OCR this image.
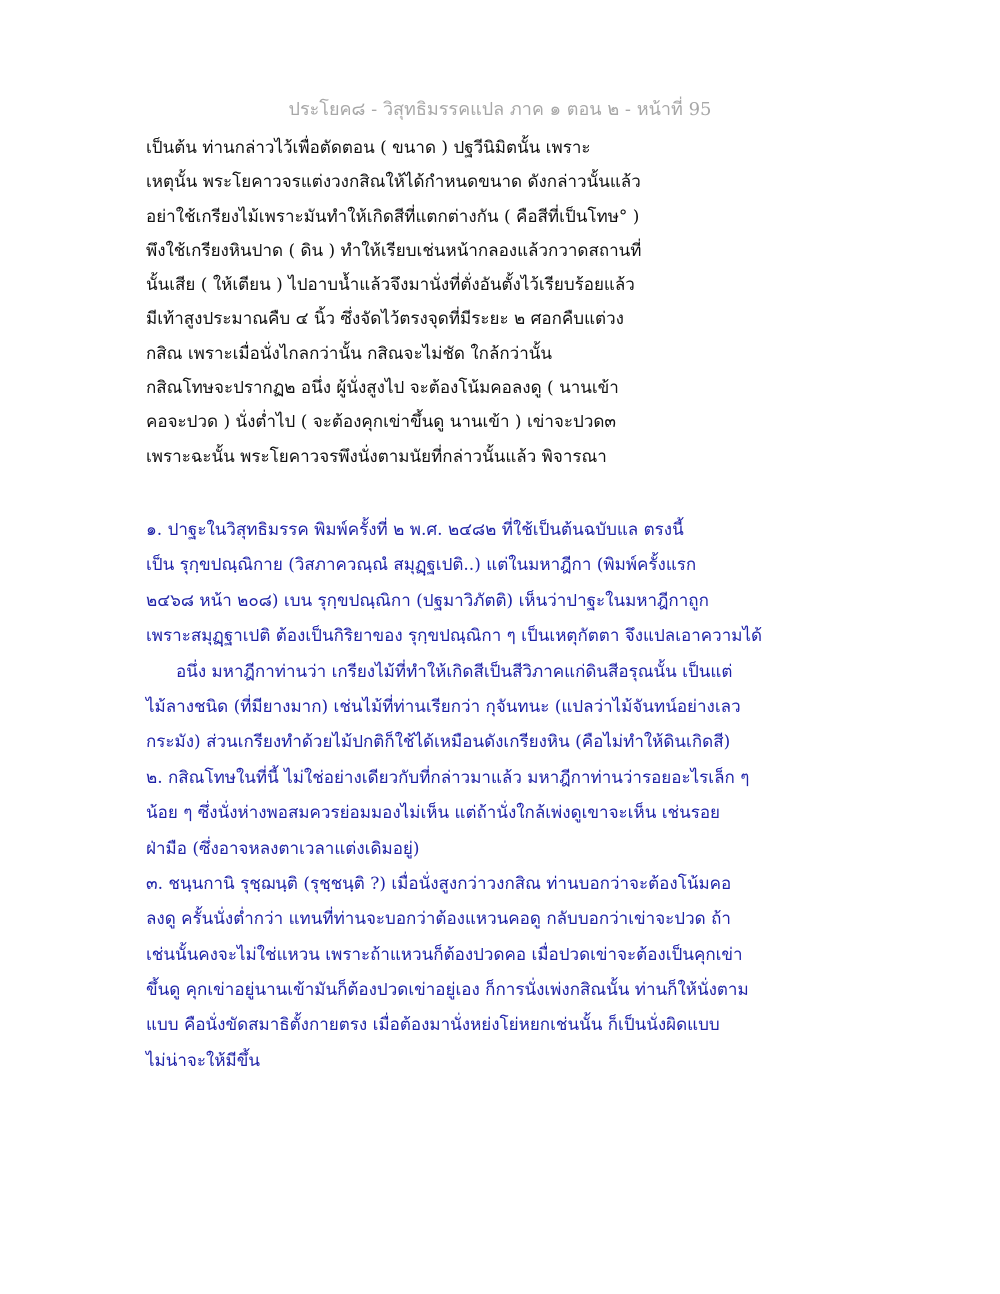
ประโยค๘ - วิสุทธิมรรคแปล ภาค ๑ ตอน ๒ - หน้าที่ 95
เป็นต้น ท่านกล่าวไว้เพื่อตัดตอน ( ขนาด ) ปฐวีนิมิตนั้น เพราะ
เหตุนั้น พระโยคาวจรแต่งวงกสิณให้ได้กำหนดขนาด ดังกล่าวนั้นแล้ว
อย่าใช้เกรียงไม้เพราะมันทำให้เกิดสีที่แตกต่างกัน ( คือสีที่เป็นโทษ° )
พึงใช้เกรียงหินปาด ( ดิน ) ทำให้เรียบเช่นหน้ากลองแล้วกวาดสถานที่
นั้นเสีย ( ให้เตียน ) ไปอาบน้ำแล้วจึงมานั่งที่ตั่งอันตั้งไว้เรียบร้อยแล้ว
มีเท้าสูงประมาณคืบ ๔ นิ้ว ซึ่งจัดไว้ตรงจุดที่มีระยะ ๒ ศอกคืบแต่วง
กสิณ เพราะเมื่อนั่งไกลกว่านั้น กสิณจะไม่ชัด ใกล้กว่านั้น
กสิณโทษจะปรากฏ๒ อนึ่ง ผู้นั่งสูงไป จะต้องโน้มคอลงดู ( นานเข้า
คอจะปวด ) นั่งต่ำไป ( จะต้องคุกเข่าขึ้นดู นานเข้า ) เข่าจะปวด๓
เพราะฉะนั้น พระโยคาวจรพึงนั่งตามนัยที่กล่าวนั้นแล้ว พิจารณา
๑. ปาฐะในวิสุทธิมรรค พิมพ์ครั้งที่ ๒ พ.ศ. ๒๔๘๒ ที่ใช้เป็นต้นฉบับแล ตรงนี้
เป็น รุกฺขปณฺณิกาย (วิสภาควณฺณํ สมุฏฺฐเปติ..) แต่ในมหาฎีกา (พิมพ์ครั้งแรก
๒๔๖๘ หน้า ๒๐๘) เบน รุกฺขปณฺณิกา (ปฐมาวิภัตติ) เห็นว่าปาฐะในมหาฎีกาถูก
เพราะสมุฏฺฐาเปติ ต้องเป็นกิริยาของ รุกฺขปณฺณิกา ๆ เป็นเหตุกัตตา จึงแปลเอาความได้
อนึ่ง มหาฎีกาท่านว่า เกรียงไม้ที่ทำให้เกิดสีเป็นสีวิภาคแก่ดินสีอรุณนั้น เป็นแต่
ไม้ลางชนิด (ที่มียางมาก) เช่นไม้ที่ท่านเรียกว่า กุจันทนะ (แปลว่าไม้จันทน์อย่างเลว
กระมัง) ส่วนเกรียงทำด้วยไม้ปกติก็ใช้ได้เหมือนดังเกรียงหิน (คือไม่ทำให้ดินเกิดสี)
๒. กสิณโทษในที่นี้ ไม่ใช่อย่างเดียวกับที่กล่าวมาแล้ว มหาฎีกาท่านว่ารอยอะไรเล็ก ๆ
น้อย ๆ ซึ่งนั่งห่างพอสมควรย่อมมองไม่เห็น แต่ถ้านั่งใกล้เพ่งดูเขาจะเห็น เช่นรอย
ฝ่ามือ (ซึ่งอาจหลงตาเวลาแต่งเดิมอยู่)
๓. ชนฺนกานิ รุชฺฌนฺติ (รุชฺชนฺติ ?) เมื่อนั่งสูงกว่าวงกสิณ ท่านบอกว่าจะต้องโน้มคอ
ลงดู ครั้นนั่งต่ำกว่า แทนที่ท่านจะบอกว่าต้องแหวนคอดู กลับบอกว่าเข่าจะปวด ถ้า
เช่นนั้นคงจะไม่ใช่แหวน เพราะถ้าแหวนก็ต้องปวดคอ เมื่อปวดเข่าจะต้องเป็นคุกเข่า
ขึ้นดู คุกเข่าอยู่นานเข้ามันก็ต้องปวดเข่าอยู่เอง ก็การนั่งเพ่งกสิณนั้น ท่านก็ให้นั่งตาม
แบบ คือนั่งขัดสมาธิตั้งกายตรง เมื่อต้องมานั่งหย่งโย่หยกเช่นนั้น ก็เป็นนั่งผิดแบบ
ไม่น่าจะให้มีขึ้น
